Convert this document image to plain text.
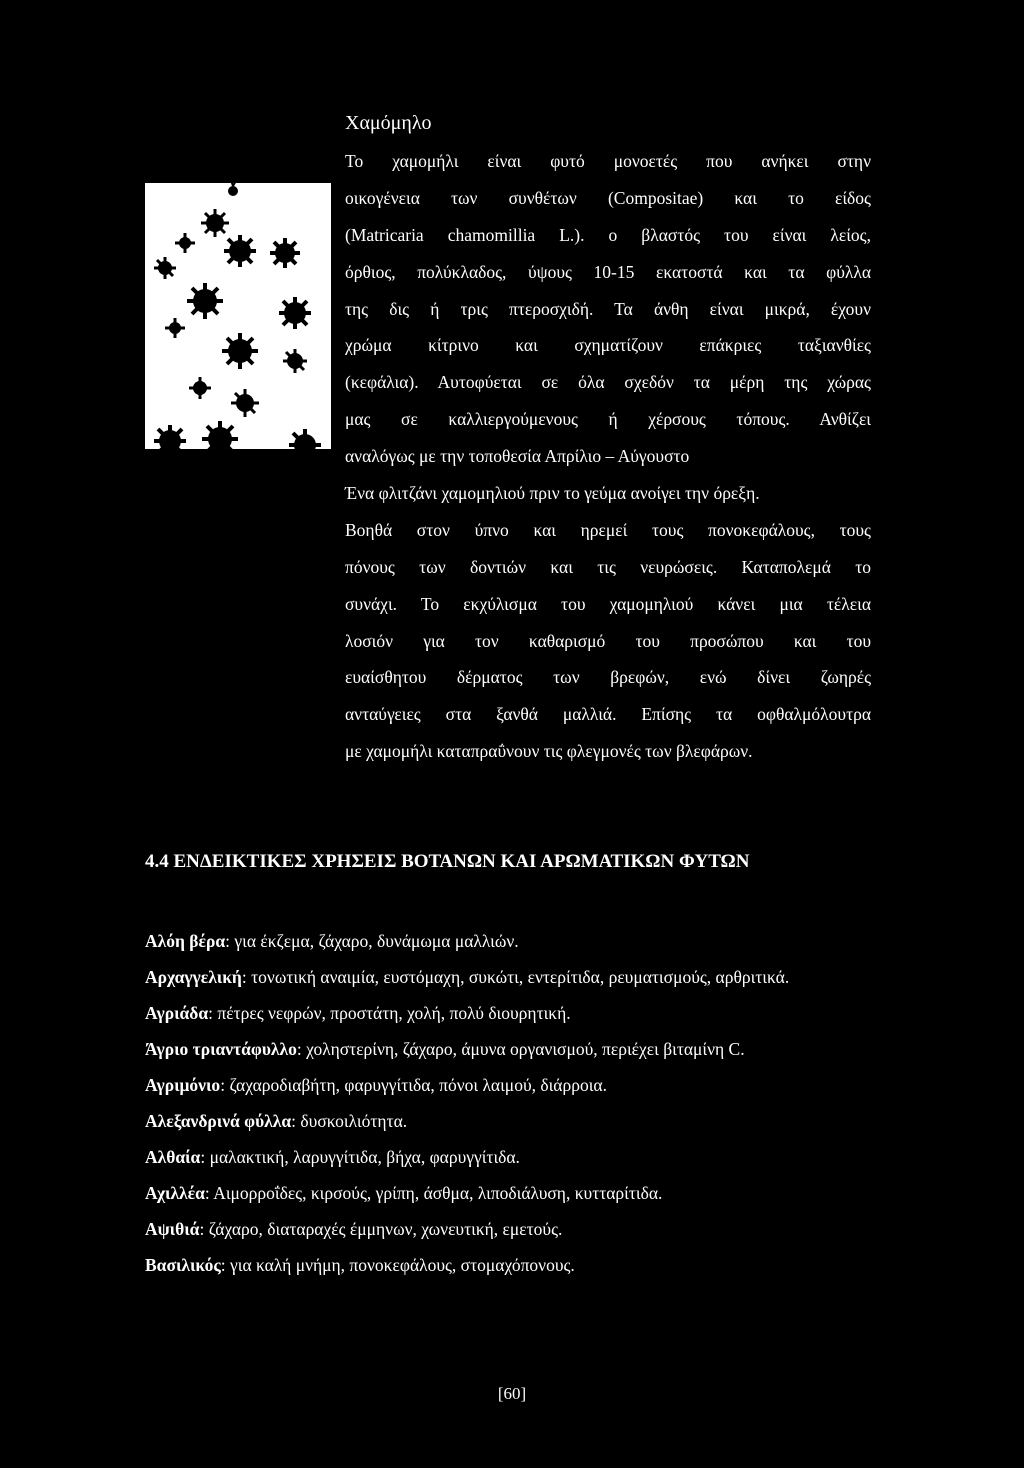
Χαμόμηλο
Το χαμομήλι είναι φυτό μονοετές που ανήκει στην
οικογένεια των συνθέτων (Compositae) και το είδος
(Matricaria chamomillia L.). ο βλαστός του είναι λείος,
όρθιος, πολύκλαδος, ύψους 10-15 εκατοστά και τα φύλλα
της δις ή τρις πτεροσχιδή. Τα άνθη είναι μικρά, έχουν
χρώμα κίτρινο και σχηματίζουν επάκριες ταξιανθίες
(κεφάλια). Αυτοφύεται σε όλα σχεδόν τα μέρη της χώρας
μας σε καλλιεργούμενους ή χέρσους τόπους. Ανθίζει
αναλόγως με την τοποθεσία Απρίλιο – Αύγουστο
Ένα φλιτζάνι χαμομηλιού πριν το γεύμα ανοίγει την όρεξη.
Βοηθά στον ύπνο και ηρεμεί τους πονοκεφάλους, τους
πόνους των δοντιών και τις νευρώσεις. Καταπολεμά το
συνάχι. Το εκχύλισμα του χαμομηλιού κάνει μια τέλεια
λοσιόν για τον καθαρισμό του προσώπου και του
ευαίσθητου δέρματος των βρεφών, ενώ δίνει ζωηρές
ανταύγειες στα ξανθά μαλλιά. Επίσης τα οφθαλμόλουτρα
με χαμομήλι καταπραΰνουν τις φλεγμονές των βλεφάρων.
4.4 ΕΝΔΕΙΚΤΙΚΕΣ ΧΡΗΣΕΙΣ ΒΟΤΑΝΩΝ ΚΑΙ ΑΡΩΜΑΤΙΚΩΝ ΦΥΤΩΝ
Αλόη βέρα: για έκζεμα, ζάχαρο, δυνάμωμα μαλλιών.
Αρχαγγελική: τονωτική αναιμία, ευστόμαχη, συκώτι, εντερίτιδα, ρευματισμούς, αρθριτικά.
Αγριάδα: πέτρες νεφρών, προστάτη, χολή, πολύ διουρητική.
Άγριο τριαντάφυλλο: χοληστερίνη, ζάχαρο, άμυνα οργανισμού, περιέχει βιταμίνη C.
Αγριμόνιο: ζαχαροδιαβήτη, φαρυγγίτιδα, πόνοι λαιμού, διάρροια.
Αλεξανδρινά φύλλα: δυσκοιλιότητα.
Αλθαία: μαλακτική, λαρυγγίτιδα, βήχα, φαρυγγίτιδα.
Αχιλλέα: Αιμορροΐδες, κιρσούς, γρίπη, άσθμα, λιποδιάλυση, κυτταρίτιδα.
Αψιθιά: ζάχαρο, διαταραχές έμμηνων, χωνευτική, εμετούς.
Βασιλικός: για καλή μνήμη, πονοκεφάλους, στομαχόπονους.
[60]
